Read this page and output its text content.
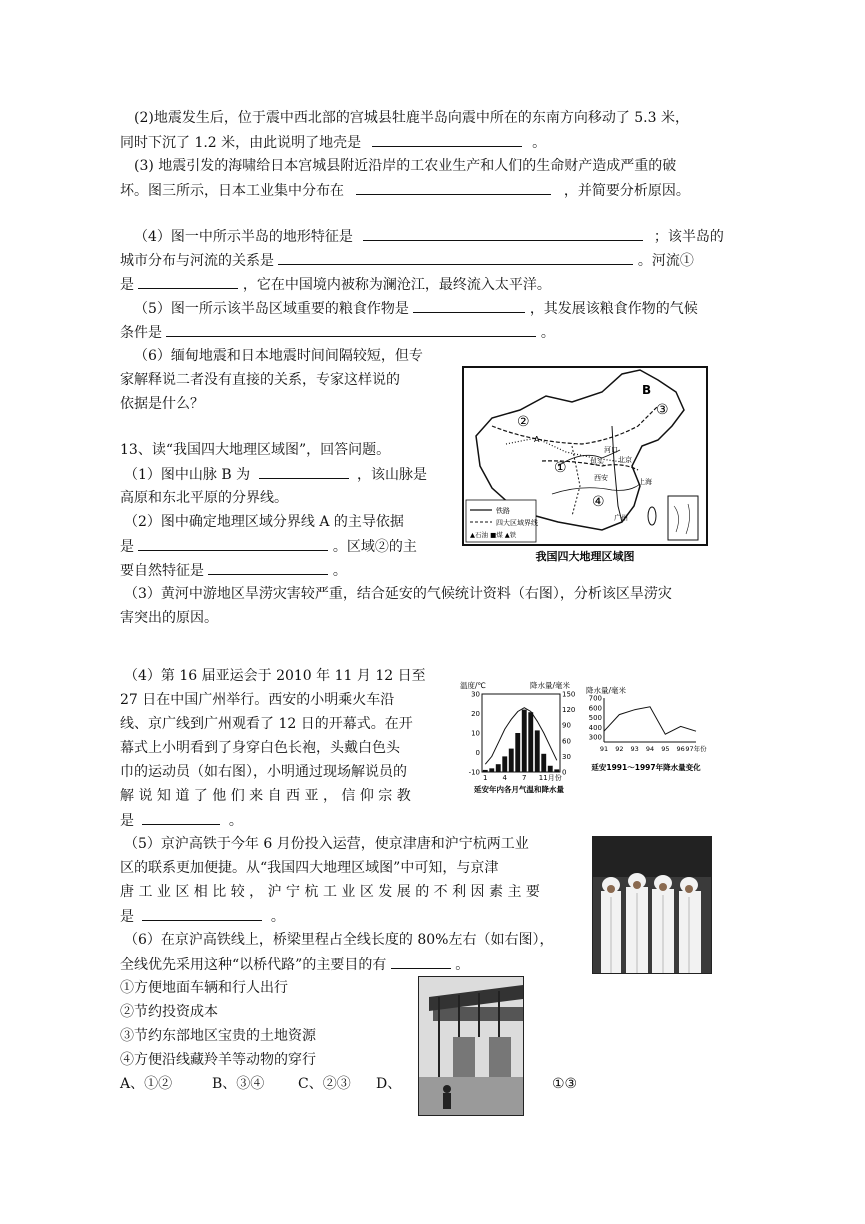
(2)地震发生后，位于震中西北部的宫城县牡鹿半岛向震中所在的东南方向移动了 5.3 米，
同时下沉了 1.2 米，由此说明了地壳是	。
(3) 地震引发的海啸给日本宫城县附近沿岸的工农业生产和人们的生命财产造成严重的破
坏。图三所示，日本工业集中分布在	，并简要分析原因。
（4）图一中所示半岛的地形特征是	；该半岛的
城市分布与河流的关系是	。河流①
是	，它在中国境内被称为澜沧江，最终流入太平洋。
（5）图一所示该半岛区域重要的粮食作物是	，其发展该粮食作物的气候
条件是	。
（6）缅甸地震和日本地震时间间隔较短，但专
家解释说二者没有直接的关系，专家这样说的
依据是什么？
13、读“我国四大地理区域图”，回答问题。
（1）图中山脉 B 为	，该山脉是
高原和东北平原的分界线。
（2）图中确定地理区域分界线 A 的主导依据
是	。区域②的主
要自然特征是	。
（3）黄河中游地区旱涝灾害较严重，结合延安的气候统计资料（右图），分析该区旱涝灾
害突出的原因。
（4）第 16 届亚运会于 2010 年 11 月 12 日至
27 日在中国广州举行。西安的小明乘火车沿
线、京广线到广州观看了 12 日的开幕式。在开
幕式上小明看到了身穿白色长袍，头戴白色头
巾的运动员（如右图），小明通过现场解说员的
解 说 知 道 了 他 们 来 自 西 亚 ， 信 仰 宗 教
是	。
（5）京沪高铁于今年 6 月份投入运营，使京津唐和沪宁杭两工业
区的联系更加便捷。从“我国四大地理区域图”中可知，与京津
唐 工 业 区 相 比 较 ， 沪 宁 杭 工 业 区 发 展 的 不 利 因 素 主 要
是	。
（6）在京沪高铁线上，桥梁里程占全线长度的 80%左右（如右图），
全线优先采用这种“以桥代路”的主要目的有	。
①方便地面车辆和行人出行
②节约投资成本
③节约东部地区宝贵的土地资源
④方便沿线藏羚羊等动物的穿行
A、①②	B、③④ C、②③ D、	①③
①
②
③
④
B
A
河口
北京
包头
西安	上海
广州
铁路
四大区域界线
▲石油 ■煤 ▲铁
我国四大地理区域图
温度/℃	降水量/毫米
30
20
10
0
-10
150
120
90
60
30
0
1 4 7 11月份
延安年内各月气温和降水量
降水量/毫米
700
600
500
400
300
91 92 93 94 95 96 97年份
延安1991～1997年降水量变化
